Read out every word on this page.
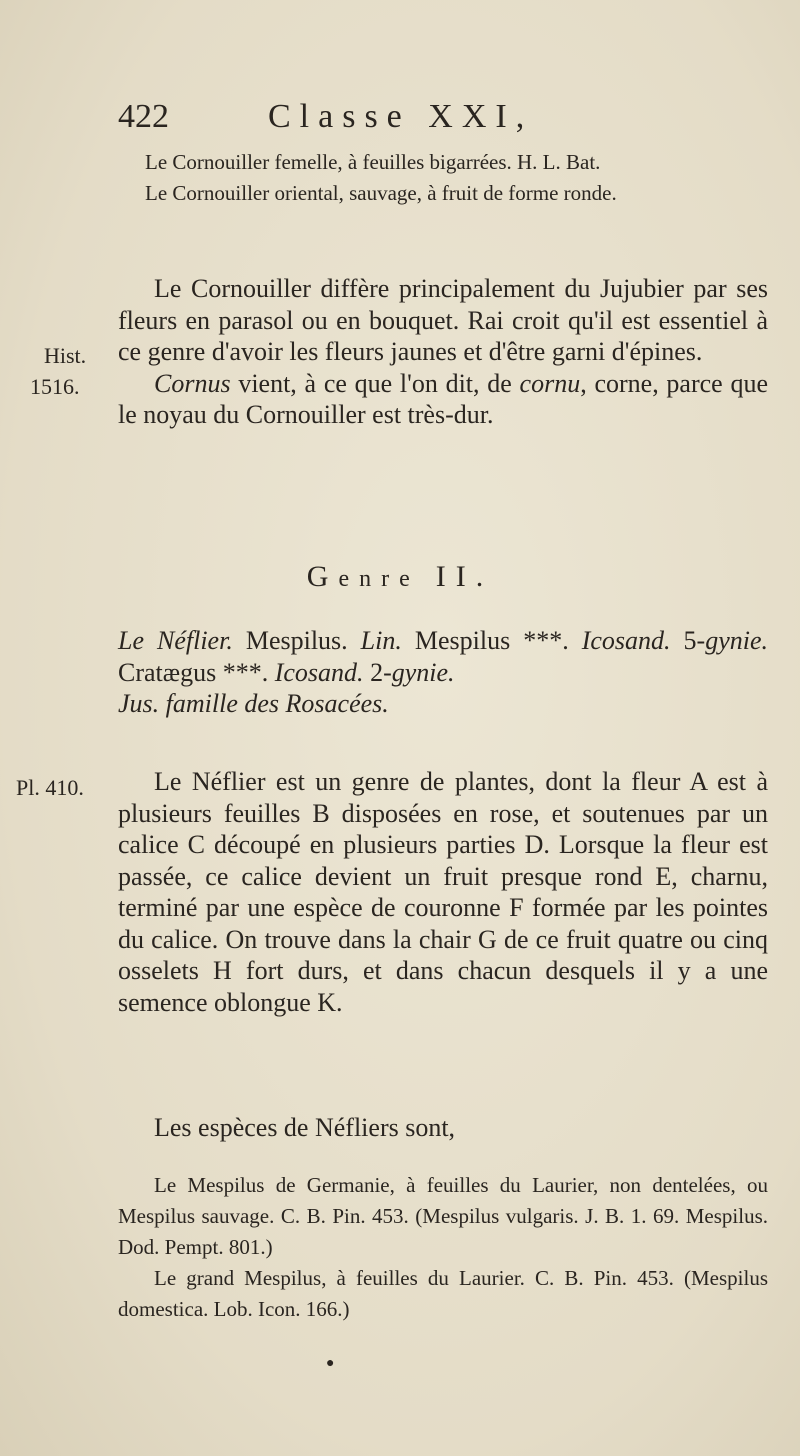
422	Classe XXI,

Le Cornouiller femelle, à feuilles bigarrées. H. L. Bat.

Le Cornouiller oriental, sauvage, à fruit de forme ronde.

Le Cornouiller diffère principalement du Jujubier par ses fleurs en parasol ou en bouquet. Rai croit qu'il est essentiel à ce genre d'avoir les fleurs jaunes et d'être garni d'épines.

Cornus vient, à ce que l'on dit, de cornu, corne, parce que le noyau du Cornouiller est très-dur.

Hist.
1516.
Genre II.

Le Néflier. Mespilus. Lin. Mespilus ***. Icosand. 5-gynie. Cratægus ***. Icosand. 2-gynie.

Jus. famille des Rosacées.

Pl. 410.	Le Néflier est un genre de plantes, dont la fleur A est à plusieurs feuilles B disposées en rose, et soutenues par un calice C découpé en plusieurs parties D. Lorsque la fleur est passée, ce calice devient un fruit presque rond E, charnu, terminé par une espèce de couronne F formée par les pointes du calice. On trouve dans la chair G de ce fruit quatre ou cinq osselets H fort durs, et dans chacun desquels il y a une semence oblongue K.

Les espèces de Néfliers sont,

Le Mespilus de Germanie, à feuilles du Laurier, non dentelées, ou Mespilus sauvage. C. B. Pin. 453. (Mespilus vulgaris. J. B. 1. 69. Mespilus. Dod. Pempt. 801.)

Le grand Mespilus, à feuilles du Laurier. C. B. Pin. 453. (Mespilus domestica. Lob. Icon. 166.)

●
